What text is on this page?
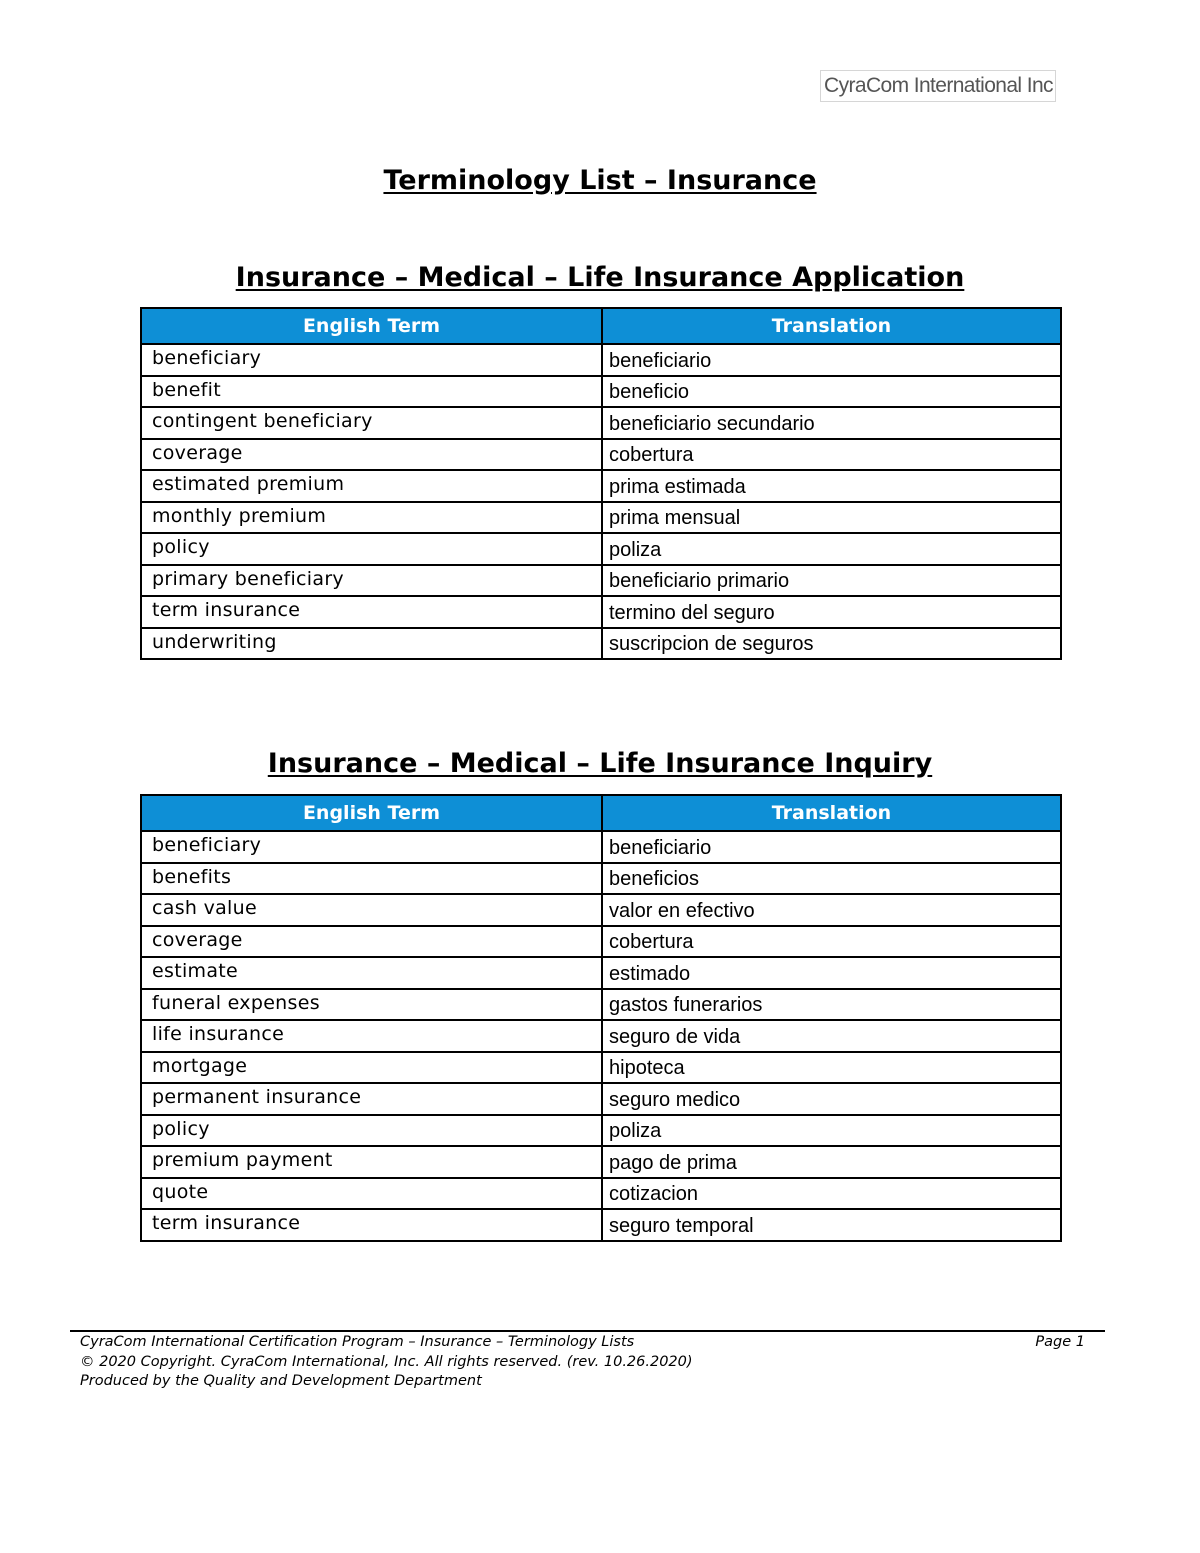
CyraCom International Inc
Terminology List – Insurance
Insurance – Medical – Life Insurance Application
English Term	Translation
beneficiary	beneficiario
benefit	beneficio
contingent beneficiary	beneficiario secundario
coverage	cobertura
estimated premium	prima estimada
monthly premium	prima mensual
policy	poliza
primary beneficiary	beneficiario primario
term insurance	termino del seguro
underwriting	suscripcion de seguros
Insurance – Medical – Life Insurance Inquiry
English Term	Translation
beneficiary	beneficiario
benefits	beneficios
cash value	valor en efectivo
coverage	cobertura
estimate	estimado
funeral expenses	gastos funerarios
life insurance	seguro de vida
mortgage	hipoteca
permanent insurance	seguro medico
policy	poliza
premium payment	pago de prima
quote	cotizacion
term insurance	seguro temporal
CyraCom International Certification Program – Insurance – Terminology Lists	Page 1
© 2020 Copyright. CyraCom International, Inc. All rights reserved. (rev. 10.26.2020)
Produced by the Quality and Development Department
